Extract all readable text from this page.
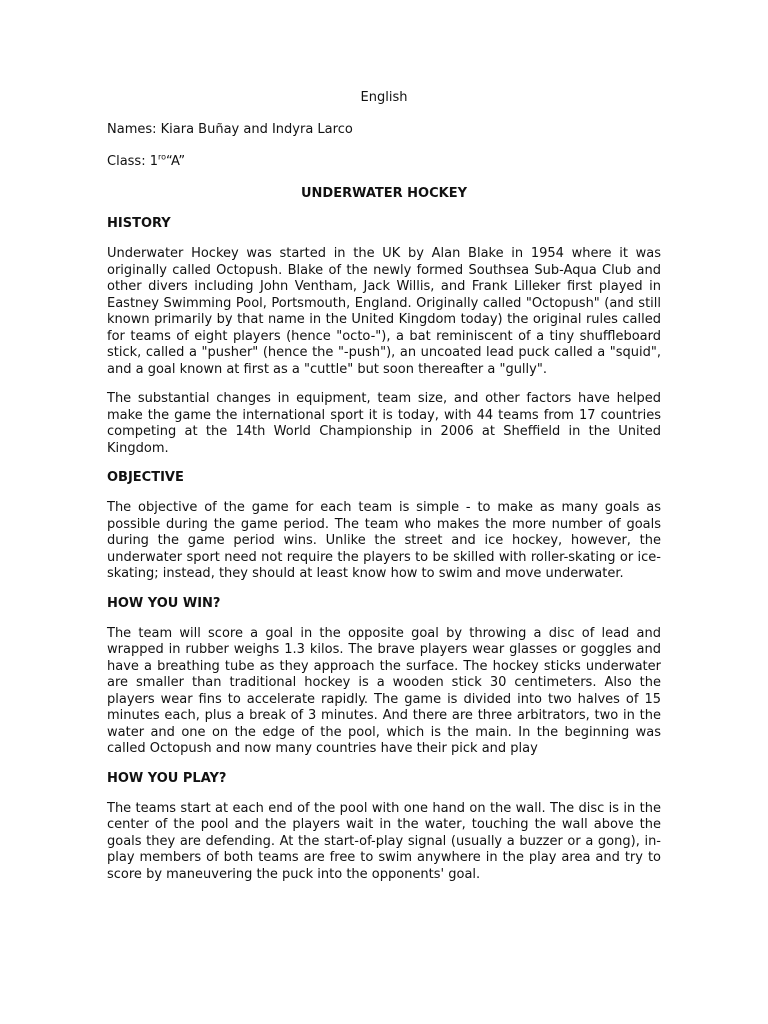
English

Names: Kiara Buñay and Indyra Larco

Class: $1^{ro}“A$”

UNDERWATER HOCKEY

HISTORY

Underwater Hockey was started in the UK by Alan Blake in 1954 where it was originally called Octopush. Blake of the newly formed Southsea Sub-Aqua Club and other divers including John Ventham, Jack Willis, and Frank Lilleker first played in Eastney Swimming Pool, Portsmouth, England. Originally called "Octopush" (and still known primarily by that name in the United Kingdom today) the original rules called for teams of eight players (hence "octo-"), a bat reminiscent of a tiny shuffleboard stick, called a "pusher" (hence the "-push"), an uncoated lead puck called a "squid", and a goal known at first as a "cuttle" but soon thereafter a "gully".

The substantial changes in equipment, team size, and other factors have helped make the game the international sport it is today, with 44 teams from 17 countries competing at the 14th World Championship in 2006 at Sheffield in the United Kingdom.

OBJECTIVE

The objective of the game for each team is simple - to make as many goals as possible during the game period. The team who makes the more number of goals during the game period wins. Unlike the street and ice hockey, however, the underwater sport need not require the players to be skilled with roller-skating or ice-skating; instead, they should at least know how to swim and move underwater.

HOW YOU WIN?

The team will score a goal in the opposite goal by throwing a disc of lead and wrapped in rubber weighs 1.3 kilos. The brave players wear glasses or goggles and have a breathing tube as they approach the surface. The hockey sticks underwater are smaller than traditional hockey is a wooden stick 30 centimeters. Also the players wear fins to accelerate rapidly. The game is divided into two halves of 15 minutes each, plus a break of 3 minutes. And there are three arbitrators, two in the water and one on the edge of the pool, which is the main. In the beginning was called Octopush and now many countries have their pick and play

HOW YOU PLAY?

The teams start at each end of the pool with one hand on the wall. The disc is in the center of the pool and the players wait in the water, touching the wall above the goals they are defending. At the start-of-play signal (usually a buzzer or a gong), in-play members of both teams are free to swim anywhere in the play area and try to score by maneuvering the puck into the opponents' goal.
